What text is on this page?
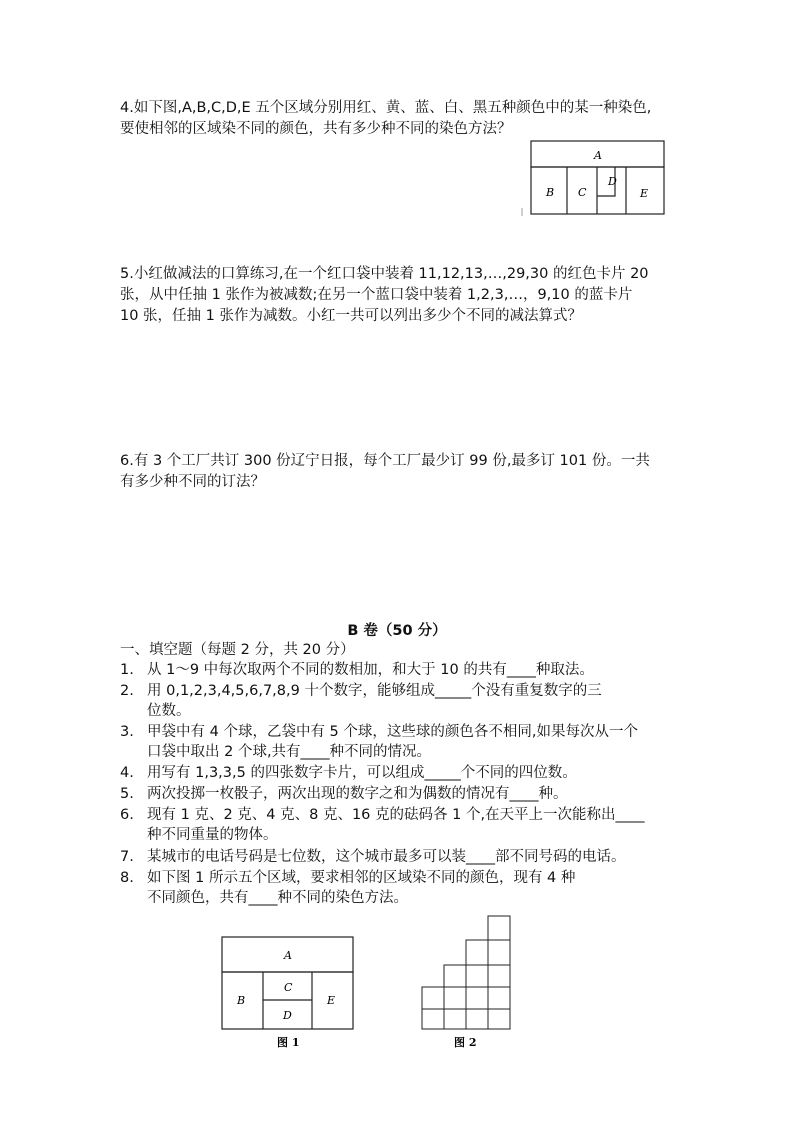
4.如下图,A,B,C,D,E 五个区域分别用红、黄、蓝、白、黑五种颜色中的某一种染色,
要使相邻的区域染不同的颜色，共有多少种不同的染色方法？
A
B C
D
E
5.小红做减法的口算练习,在一个红口袋中装着 11,12,13,…,29,30 的红色卡片 20
张，从中任抽 1 张作为被减数;在另一个蓝口袋中装着 1,2,3,…，9,10 的蓝卡片
10 张，任抽 1 张作为减数。小红一共可以列出多少个不同的减法算式？
6.有 3 个工厂共订 300 份辽宁日报，每个工厂最少订 99 份,最多订 101 份。一共
有多少种不同的订法？
B 卷（50 分）
一、填空题（每题 2 分，共 20 分）
1. 从 1～9 中每次取两个不同的数相加，和大于 10 的共有____种取法。
2. 用 0,1,2,3,4,5,6,7,8,9 十个数字，能够组成_____个没有重复数字的三
位数。
3. 甲袋中有 4 个球，乙袋中有 5 个球，这些球的颜色各不相同,如果每次从一个
口袋中取出 2 个球,共有____种不同的情况。
4. 用写有 1,3,3,5 的四张数字卡片，可以组成_____个不同的四位数。
5. 两次投掷一枚骰子，两次出现的数字之和为偶数的情况有____种。
6. 现有 1 克、2 克、4 克、8 克、16 克的砝码各 1 个,在天平上一次能称出____
种不同重量的物体。
7. 某城市的电话号码是七位数，这个城市最多可以装____部不同号码的电话。
8. 如下图 1 所示五个区域，要求相邻的区域染不同的颜色，现有 4 种
不同颜色，共有____种不同的染色方法。
A
B
C
D
E
图 1	图 2
